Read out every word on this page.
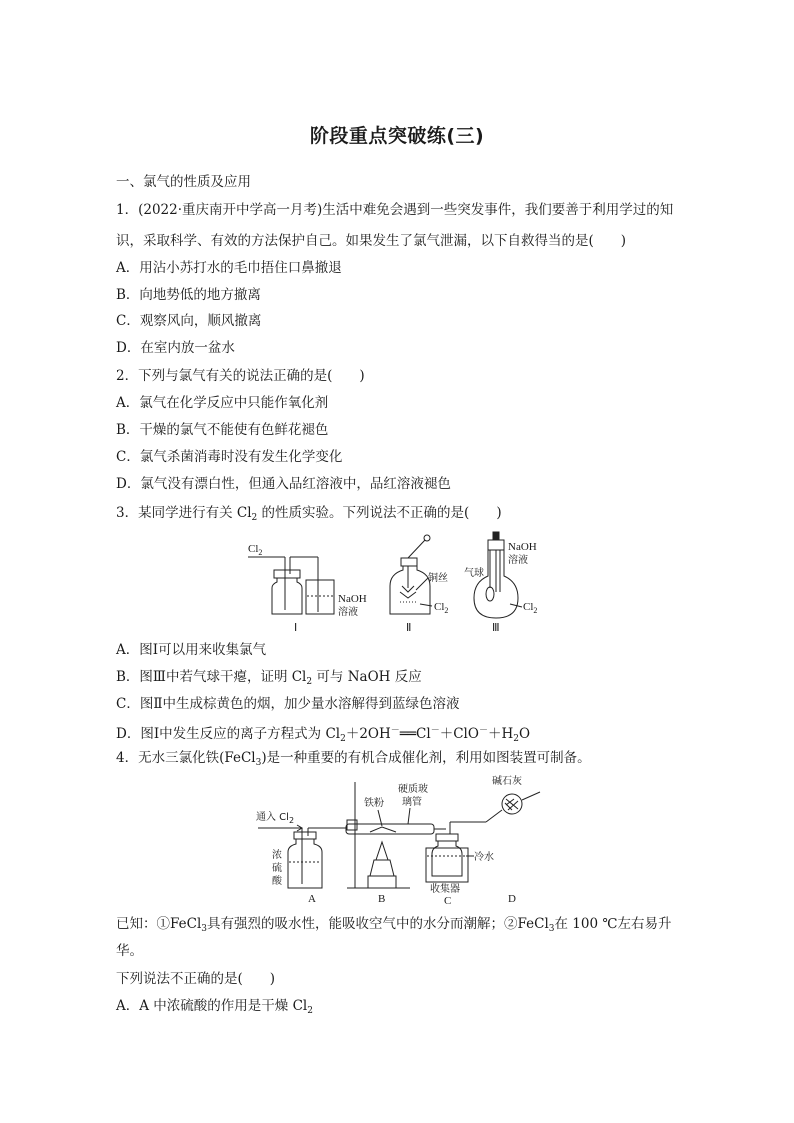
阶段重点突破练(三)
一、氯气的性质及应用
1．(2022·重庆南开中学高一月考)生活中难免会遇到一些突发事件，我们要善于利用学过的知
识，采取科学、有效的方法保护自己。如果发生了氯气泄漏，以下自救得当的是(　　)
A．用沾小苏打水的毛巾捂住口鼻撤退
B．向地势低的地方撤离
C．观察风向，顺风撤离
D．在室内放一盆水
2．下列与氯气有关的说法正确的是(　　)
A．氯气在化学反应中只能作氧化剂
B．干燥的氯气不能使有色鲜花褪色
C．氯气杀菌消毒时没有发生化学变化
D．氯气没有漂白性，但通入品红溶液中，品红溶液褪色
3．某同学进行有关 $Cl_2$ 的性质实验。下列说法不正确的是(　　)
$Cl_2$
NaOH
溶液
Ⅰ
铜丝
$Cl_2$
Ⅱ
NaOH
溶液
气球
$Cl_2$
Ⅲ
A．图Ⅰ可以用来收集氯气
B．图Ⅲ中若气球干瘪，证明 $Cl_2$ 可与 NaOH 反应
C．图Ⅱ中生成棕黄色的烟，加少量水溶解得到蓝绿色溶液
D．图Ⅰ中发生反应的离子方程式为 $Cl_2+2OH^-══Cl^-+ClO^-+H_2O$
4．无水三氯化铁(FeCl$_3$)是一种重要的有机合成催化剂，利用如图装置可制备。
通入 $Cl_2$
浓
硫
酸
A
铁粉
硬质玻
璃管
B
冷水
收集器
C
碱石灰
D
已知：①FeCl$_3$具有强烈的吸水性，能吸收空气中的水分而潮解；②FeCl$_3$在 100 ℃左右易升
华。
下列说法不正确的是(　　)
A．A 中浓硫酸的作用是干燥 $Cl_2$
